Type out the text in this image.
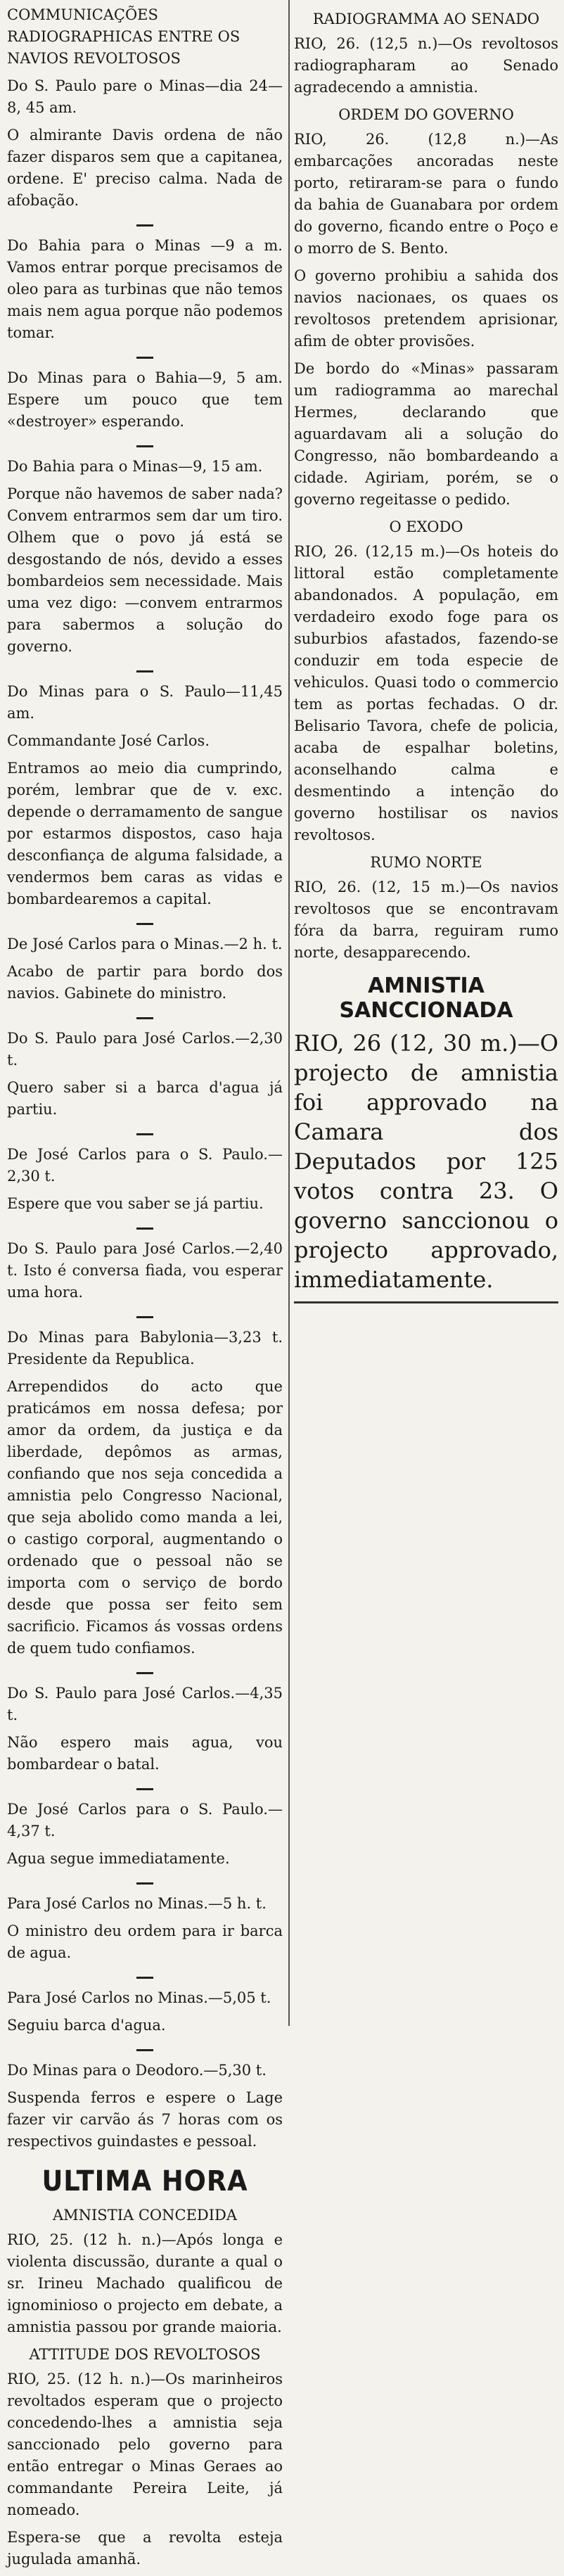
COMMUNICAÇÕES RADIOGRAPHICAS ENTRE OS NAVIOS REVOLTOSOS

Do S. Paulo pare o Minas—dia 24—8, 45 am.

O almirante Davis ordena de não fazer disparos sem que a capitanea, ordene. E' preciso calma. Nada de afobação.

Do Bahia para o Minas —9 a m. Vamos entrar porque precisamos de oleo para as turbinas que não temos mais nem agua porque não podemos tomar.

Do Minas para o Bahia—9, 5 am. Espere um pouco que tem «destroyer» esperando.

Do Bahia para o Minas—9, 15 am.

Porque não havemos de saber nada? Convem entrarmos sem dar um tiro. Olhem que o povo já está se desgostando de nós, devido a esses bombardeios sem necessidade. Mais uma vez digo: —convem entrarmos para sabermos a solução do governo.

Do Minas para o S. Paulo—11,45 am.

Commandante José Carlos.

Entramos ao meio dia cumprindo, porém, lembrar que de v. exc. depende o derramamento de sangue por estarmos dispostos, caso haja desconfiança de alguma falsidade, a vendermos bem caras as vidas e bombardearemos a capital.

De José Carlos para o Minas.—2 h. t.

Acabo de partir para bordo dos navios. Gabinete do ministro.

Do S. Paulo para José Carlos.—2,30 t.

Quero saber si a barca d'agua já partiu.

De José Carlos para o S. Paulo.—2,30 t.

Espere que vou saber se já partiu.

Do S. Paulo para José Carlos.—2,40 t. Isto é conversa fiada, vou esperar uma hora.

Do Minas para Babylonia—3,23 t. Presidente da Republica.

Arrependidos do acto que praticámos em nossa defesa; por amor da ordem, da justiça e da liberdade, depômos as armas, confiando que nos seja concedida a amnistia pelo Congresso Nacional, que seja abolido como manda a lei, o castigo corporal, augmentando o ordenado que o pessoal não se importa com o serviço de bordo desde que possa ser feito sem sacrificio. Ficamos ás vossas ordens de quem tudo confiamos.

Do S. Paulo para José Carlos.—4,35 t.

Não espero mais agua, vou bombardear o batal.

De José Carlos para o S. Paulo.—4,37 t.

Agua segue immediatamente.

Para José Carlos no Minas.—5 h. t.

O ministro deu ordem para ir barca de agua.

Para José Carlos no Minas.—5,05 t.

Seguiu barca d'agua.

Do Minas para o Deodoro.—5,30 t.

Suspenda ferros e espere o Lage fazer vir carvão ás 7 horas com os respectivos guindastes e pessoal.

ULTIMA HORA

AMNISTIA CONCEDIDA

RIO, 25. (12 h. n.)—Após longa e violenta discussão, durante a qual o sr. Irineu Machado qualificou de ignominioso o projecto em debate, a amnistia passou por grande maioria.

ATTITUDE DOS REVOLTOSOS

RIO, 25. (12 h. n.)—Os marinheiros revoltados esperam que o projecto concedendo-lhes a amnistia seja sanccionado pelo governo para então entregar o Minas Geraes ao commandante Pereira Leite, já nomeado.

Espera-se que a revolta esteja jugulada amanhã.

RADIOGRAMMA AO SENADO

RIO, 26. (12,5 n.)—Os revoltosos radiographaram ao Senado agradecendo a amnistia.

ORDEM DO GOVERNO

RIO, 26. (12,8 n.)—As embarcações ancoradas neste porto, retiraram-se para o fundo da bahia de Guanabara por ordem do governo, ficando entre o Poço e o morro de S. Bento.

O governo prohibiu a sahida dos navios nacionaes, os quaes os revoltosos pretendem aprisionar, afim de obter provisões.

De bordo do «Minas» passaram um radiogramma ao marechal Hermes, declarando que aguardavam ali a solução do Congresso, não bombardeando a cidade. Agiriam, porém, se o governo regeitasse o pedido.

O EXODO

RIO, 26. (12,15 m.)—Os hoteis do littoral estão completamente abandonados. A população, em verdadeiro exodo foge para os suburbios afastados, fazendo-se conduzir em toda especie de vehiculos. Quasi todo o commercio tem as portas fechadas. O dr. Belisario Tavora, chefe de policia, acaba de espalhar boletins, aconselhando calma e desmentindo a intenção do governo hostilisar os navios revoltosos.

RUMO NORTE

RIO, 26. (12, 15 m.)—Os navios revoltosos que se encontravam fóra da barra, reguiram rumo norte, desapparecendo.

AMNISTIA SANCCIONADA

RIO, 26 (12, 30 m.)—O projecto de amnistia foi approvado na Camara dos Deputados por 125 votos contra 23. O governo sanccionou o projecto approvado, immediatamente.
